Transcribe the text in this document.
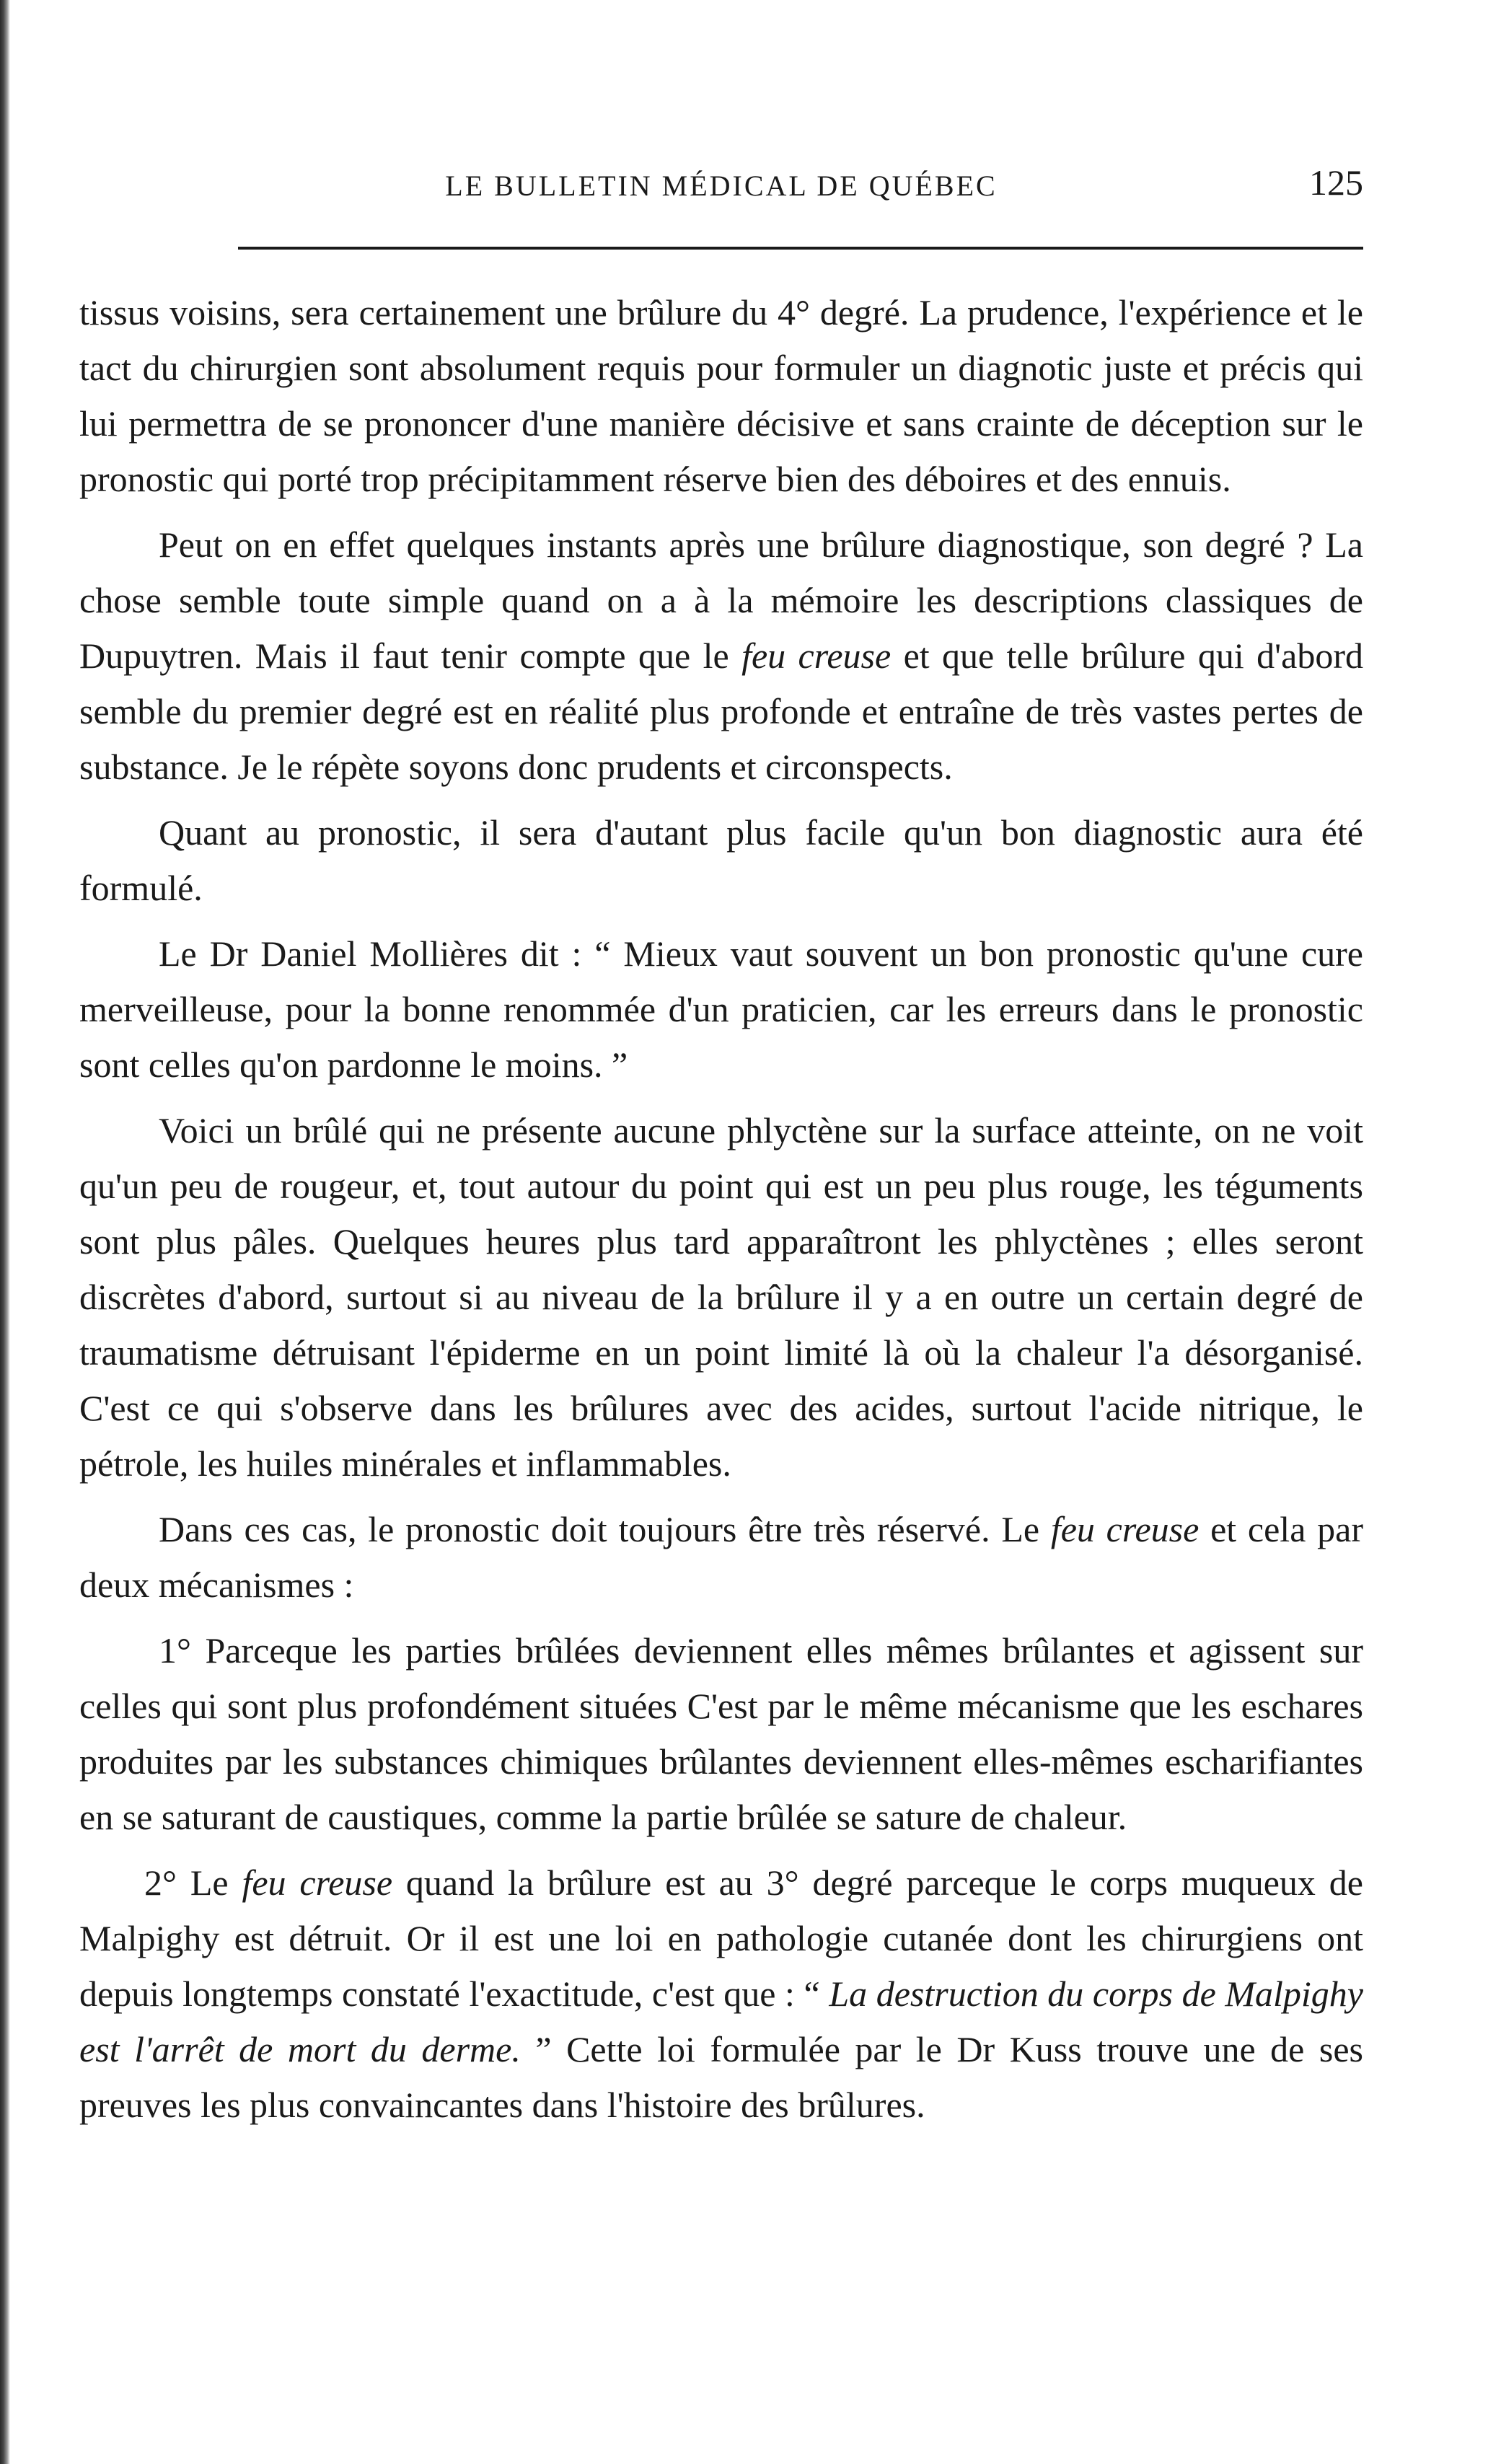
LE BULLETIN MÉDICAL DE QUÉBEC	125

tissus voisins, sera certainement une brûlure du 4° degré. La prudence, l'expérience et le tact du chirurgien sont absolument requis pour formuler un diagnotic juste et précis qui lui permettra de se prononcer d'une manière décisive et sans crainte de déception sur le pronostic qui porté trop précipitamment réserve bien des déboires et des ennuis.

Peut on en effet quelques instants après une brûlure diagnostique, son degré ? La chose semble toute simple quand on a à la mémoire les descriptions classiques de Dupuytren. Mais il faut tenir compte que le feu creuse et que telle brûlure qui d'abord semble du premier degré est en réalité plus profonde et entraîne de très vastes pertes de substance. Je le répète soyons donc prudents et circonspects.

Quant au pronostic, il sera d'autant plus facile qu'un bon diagnostic aura été formulé.

Le Dr Daniel Mollières dit : “ Mieux vaut souvent un bon pronostic qu'une cure merveilleuse, pour la bonne renommée d'un praticien, car les erreurs dans le pronostic sont celles qu'on pardonne le moins. ”

Voici un brûlé qui ne présente aucune phlyctène sur la surface atteinte, on ne voit qu'un peu de rougeur, et, tout autour du point qui est un peu plus rouge, les téguments sont plus pâles. Quelques heures plus tard apparaîtront les phlyctènes ; elles seront discrètes d'abord, surtout si au niveau de la brûlure il y a en outre un certain degré de traumatisme détruisant l'épiderme en un point limité là où la chaleur l'a désorganisé. C'est ce qui s'observe dans les brûlures avec des acides, surtout l'acide nitrique, le pétrole, les huiles minérales et inflammables.

Dans ces cas, le pronostic doit toujours être très réservé. Le feu creuse et cela par deux mécanismes :

1° Parceque les parties brûlées deviennent elles mêmes brûlantes et agissent sur celles qui sont plus profondément situées C'est par le même mécanisme que les eschares produites par les substances chimiques brûlantes deviennent elles-mêmes escharifiantes en se saturant de caustiques, comme la partie brûlée se sature de chaleur.

2° Le feu creuse quand la brûlure est au 3° degré parceque le corps muqueux de Malpighy est détruit. Or il est une loi en pathologie cutanée dont les chirurgiens ont depuis longtemps constaté l'exactitude, c'est que : “ La destruction du corps de Malpighy est l'arrêt de mort du derme. ” Cette loi formulée par le Dr Kuss trouve une de ses preuves les plus convaincantes dans l'histoire des brûlures.
